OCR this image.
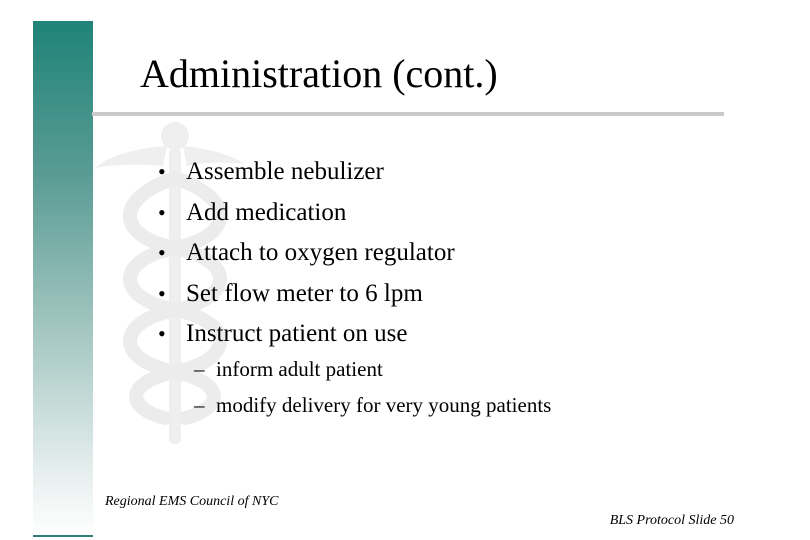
Administration (cont.)
• Assemble nebulizer
• Add medication
• Attach to oxygen regulator
• Set flow meter to 6 lpm
• Instruct patient on use
– inform adult patient
– modify delivery for very young patients
Regional EMS Council of NYC
BLS Protocol Slide 50
